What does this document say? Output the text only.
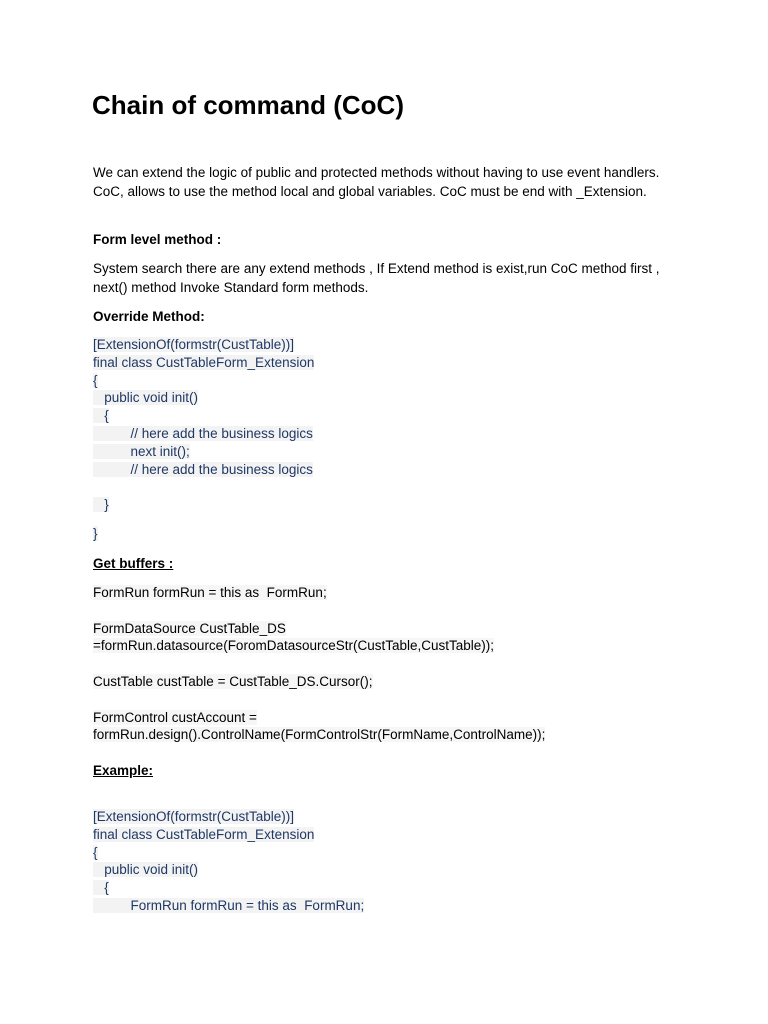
Chain of command (CoC)

We can extend the logic of public and protected methods without having to use event handlers. CoC, allows to use the method local and global variables. CoC must be end with _Extension.

Form level method :

System search there are any extend methods , If Extend method is exist,run CoC method first , next() method Invoke Standard form methods.

Override Method:

[ExtensionOf(formstr(CustTable))]
final class CustTableForm_Extension
{
public void init()
{
// here add the business logics
next init();
// here add the business logics
}
}

Get buffers :

FormRun formRun = this as  FormRun;
FormDataSource CustTable_DS
=formRun.datasource(ForomDatasourceStr(CustTable,CustTable));
CustTable custTable = CustTable_DS.Cursor();
FormControl custAccount =
formRun.design().ControlName(FormControlStr(FormName,ControlName));

Example:

[ExtensionOf(formstr(CustTable))]
final class CustTableForm_Extension
{
public void init()
{
FormRun formRun = this as  FormRun;
